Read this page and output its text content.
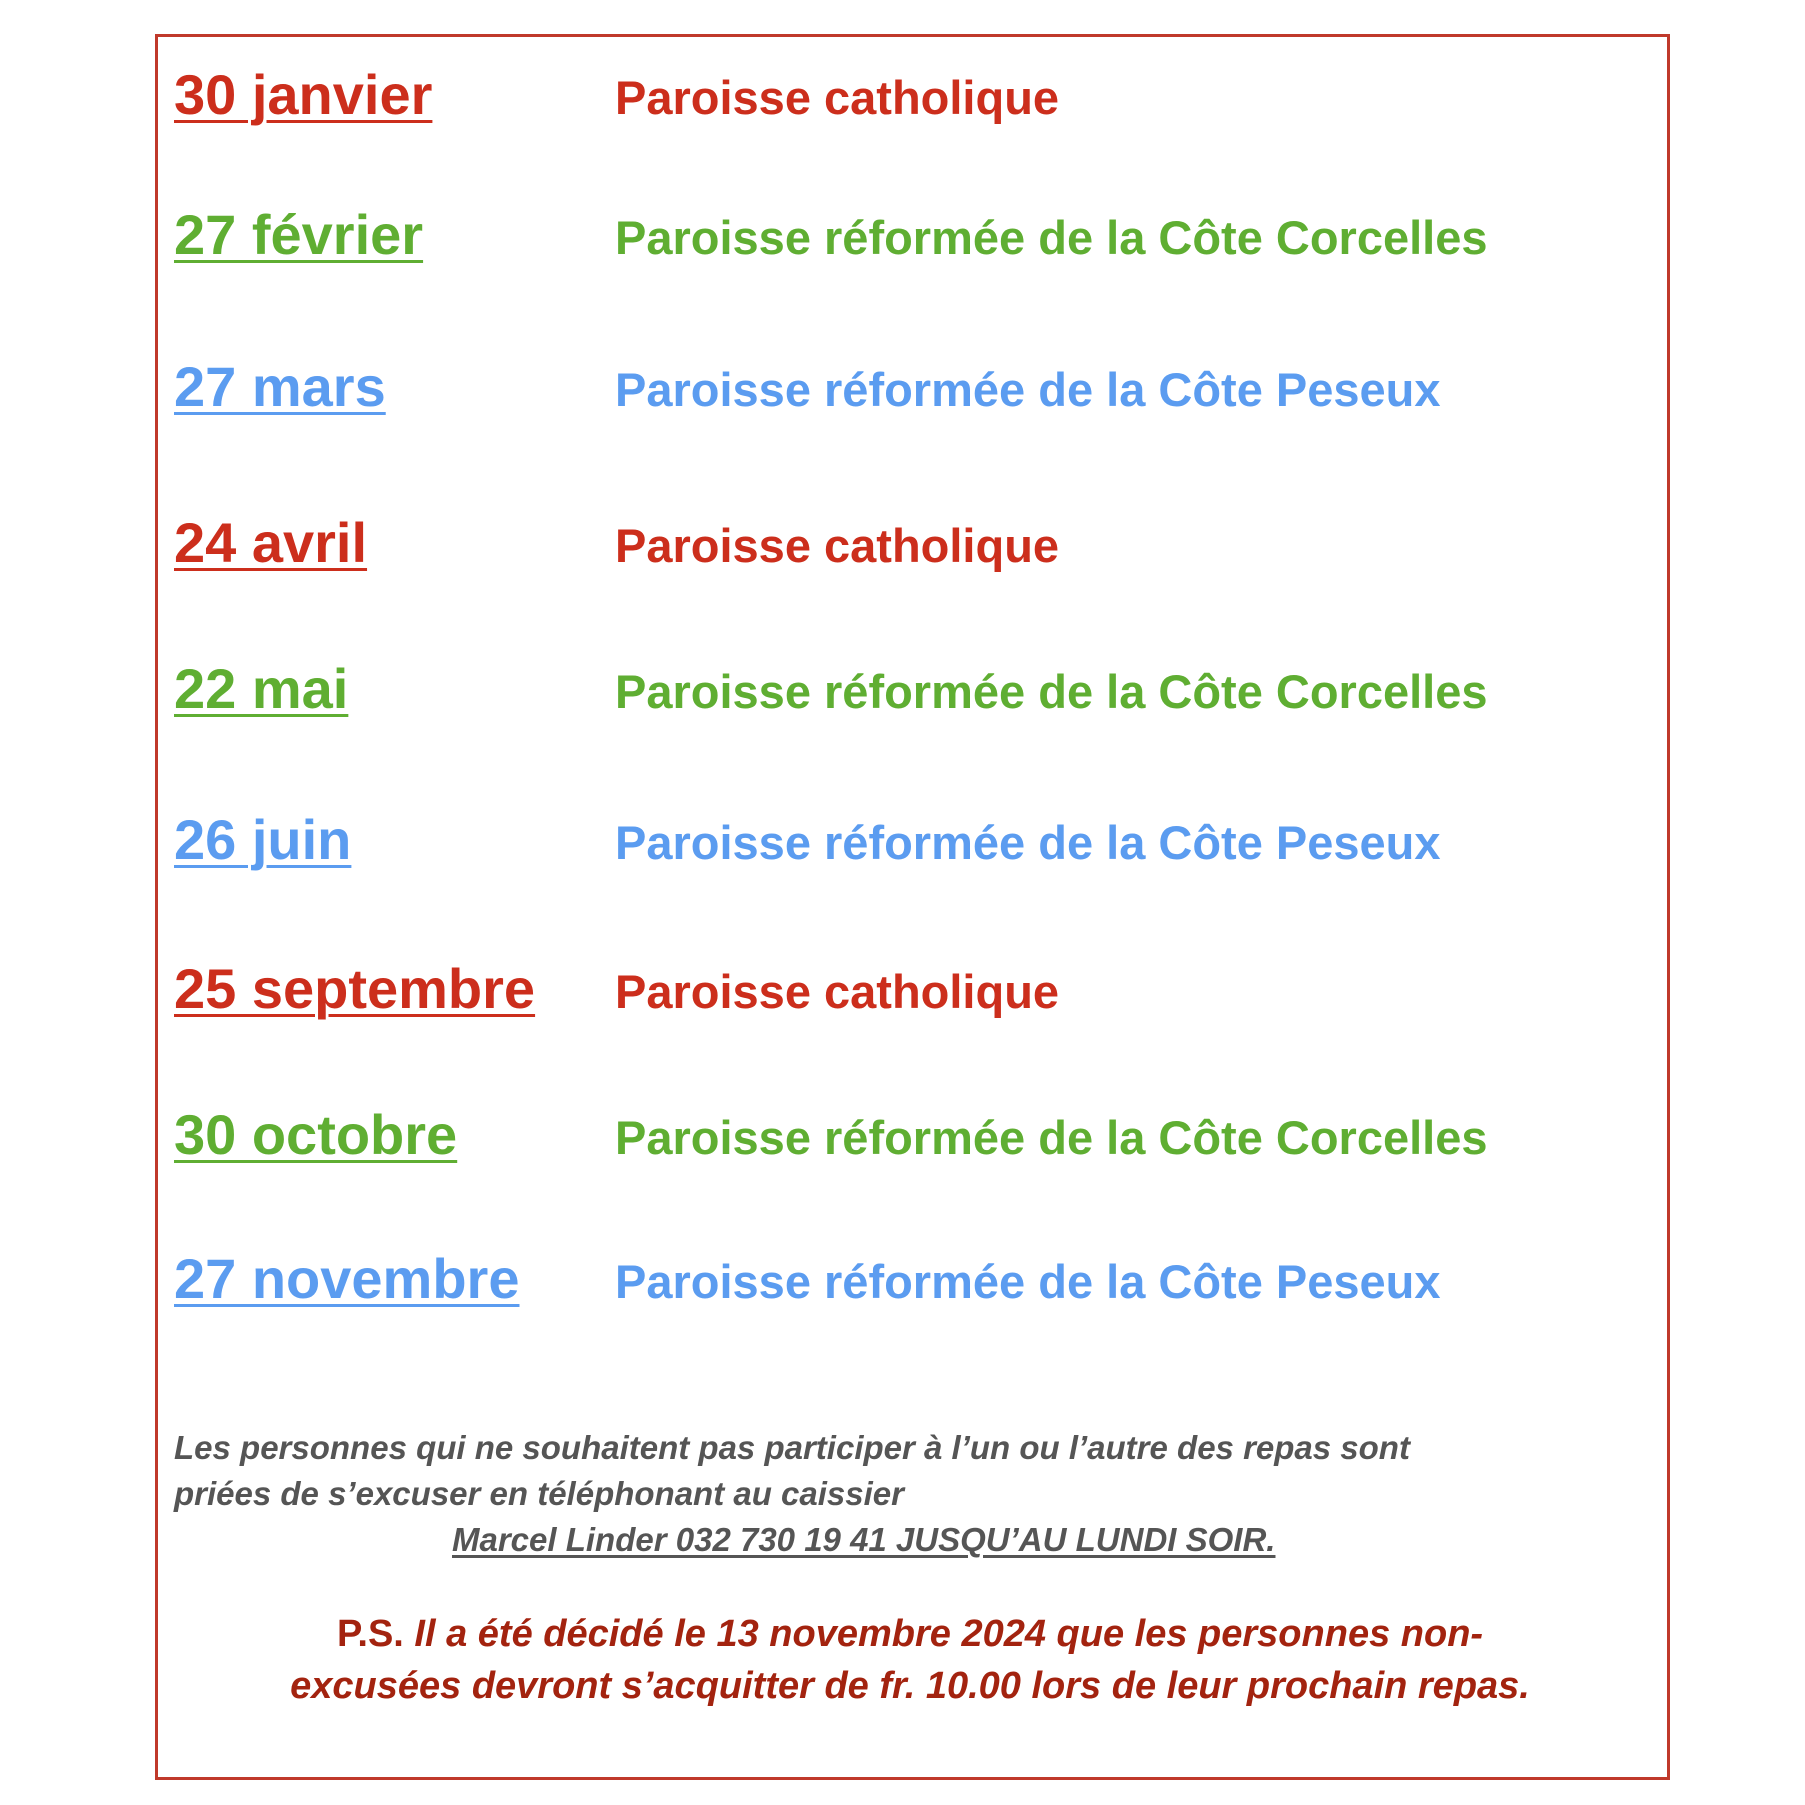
30 janvier	Paroisse catholique
27 février	Paroisse réformée de la Côte Corcelles
27 mars	Paroisse réformée de la Côte Peseux
24 avril	Paroisse catholique
22 mai	Paroisse réformée de la Côte Corcelles
26 juin	Paroisse réformée de la Côte Peseux
25 septembre Paroisse catholique
30 octobre	Paroisse réformée de la Côte Corcelles
27 novembre Paroisse réformée de la Côte Peseux

Les personnes qui ne souhaitent pas participer à l’un ou l’autre des repas sont

priées de s’excuser en téléphonant au caissier

Marcel Linder 032 730 19 41 JUSQU’AU LUNDI SOIR.
P.S. Il a été décidé le 13 novembre 2024 que les personnes non-
excusées devront s’acquitter de fr. 10.00 lors de leur prochain repas.
